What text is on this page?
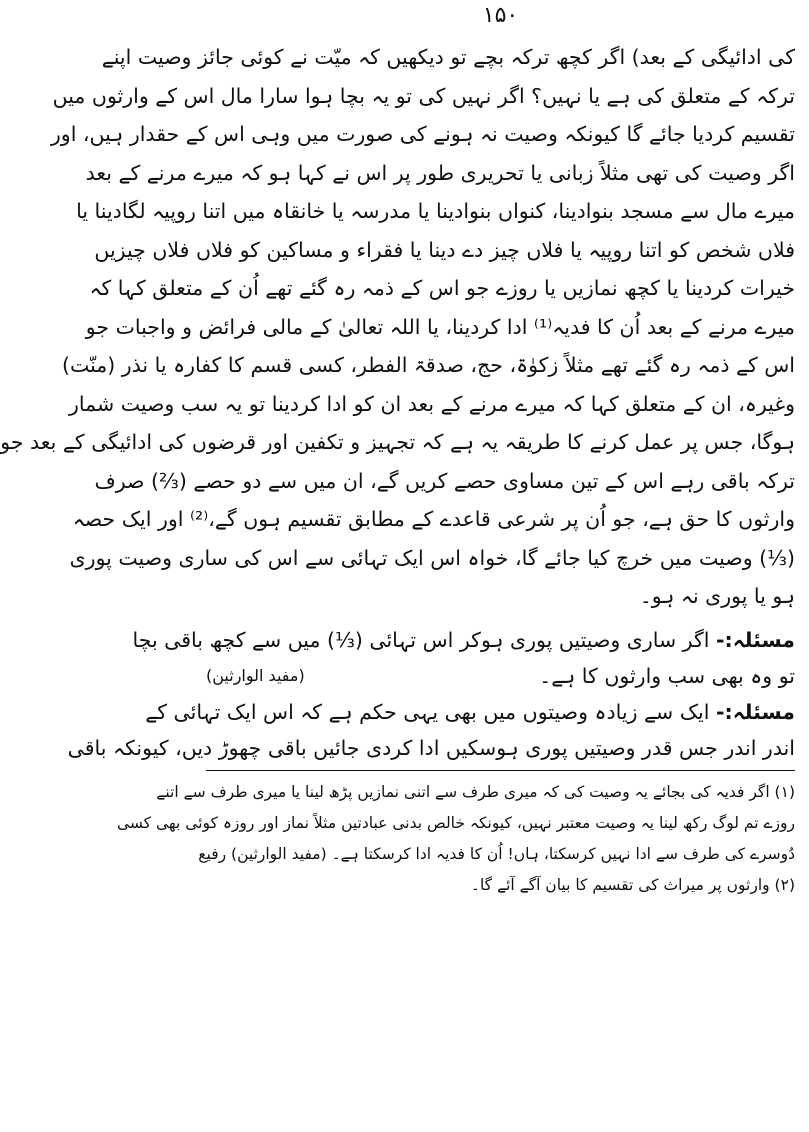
۱۵۰
کی ادائیگی کے بعد) اگر کچھ ترکہ بچے تو دیکھیں کہ میّت نے کوئی جائز وصیت اپنے
ترکہ کے متعلق کی ہے یا نہیں؟ اگر نہیں کی تو یہ بچا ہوا سارا مال اس کے وارثوں میں
تقسیم کردیا جائے گا کیونکہ وصیت نہ ہونے کی صورت میں وہی اس کے حقدار ہیں، اور
اگر وصیت کی تھی مثلاً زبانی یا تحریری طور پر اس نے کہا ہو کہ میرے مرنے کے بعد
میرے مال سے مسجد بنوادینا، کنواں بنوادینا یا مدرسہ یا خانقاہ میں اتنا روپیہ لگادینا یا
فلاں شخص کو اتنا روپیہ یا فلاں چیز دے دینا یا فقراء و مساکین کو فلاں فلاں چیزیں
خیرات کردینا یا کچھ نمازیں یا روزے جو اس کے ذمہ رہ گئے تھے اُن کے متعلق کہا کہ
میرے مرنے کے بعد اُن کا فدیہ⁽¹⁾ ادا کردینا، یا اللہ تعالیٰ کے مالی فرائض و واجبات جو
اس کے ذمہ رہ گئے تھے مثلاً زکوٰۃ، حج، صدقۃ الفطر، کسی قسم کا کفارہ یا نذر (منّت)
وغیرہ، ان کے متعلق کہا کہ میرے مرنے کے بعد ان کو ادا کردینا تو یہ سب وصیت شمار
ہوگا، جس پر عمل کرنے کا طریقہ یہ ہے کہ تجہیز و تکفین اور قرضوں کی ادائیگی کے بعد جو
ترکہ باقی رہے اس کے تین مساوی حصے کریں گے، ان میں سے دو حصے (⅔) صرف
وارثوں کا حق ہے، جو اُن پر شرعی قاعدے کے مطابق تقسیم ہوں گے،⁽²⁾ اور ایک حصہ
(⅓) وصیت میں خرچ کیا جائے گا، خواہ اس ایک تہائی سے اس کی ساری وصیت پوری
ہو یا پوری نہ ہو۔
مسئلہ:- اگر ساری وصیتیں پوری ہوکر اس تہائی (⅓) میں سے کچھ باقی بچا
تو وہ بھی سب وارثوں کا ہے۔
(مفید الوارثین)
مسئلہ:- ایک سے زیادہ وصیتوں میں بھی یہی حکم ہے کہ اس ایک تہائی کے
اندر اندر جس قدر وصیتیں پوری ہوسکیں ادا کردی جائیں باقی چھوڑ دیں، کیونکہ باقی
(۱) اگر فدیہ کی بجائے یہ وصیت کی کہ میری طرف سے اتنی نمازیں پڑھ لینا یا میری طرف سے اتنے
روزے تم لوگ رکھ لینا یہ وصیت معتبر نہیں، کیونکہ خالص بدنی عبادتیں مثلاً نماز اور روزہ کوئی بھی کسی
دُوسرے کی طرف سے ادا نہیں کرسکتا، ہاں! اُن کا فدیہ ادا کرسکتا ہے۔ (مفید الوارثین) رفیع
(۲) وارثوں پر میراث کی تقسیم کا بیان آگے آئے گا۔
